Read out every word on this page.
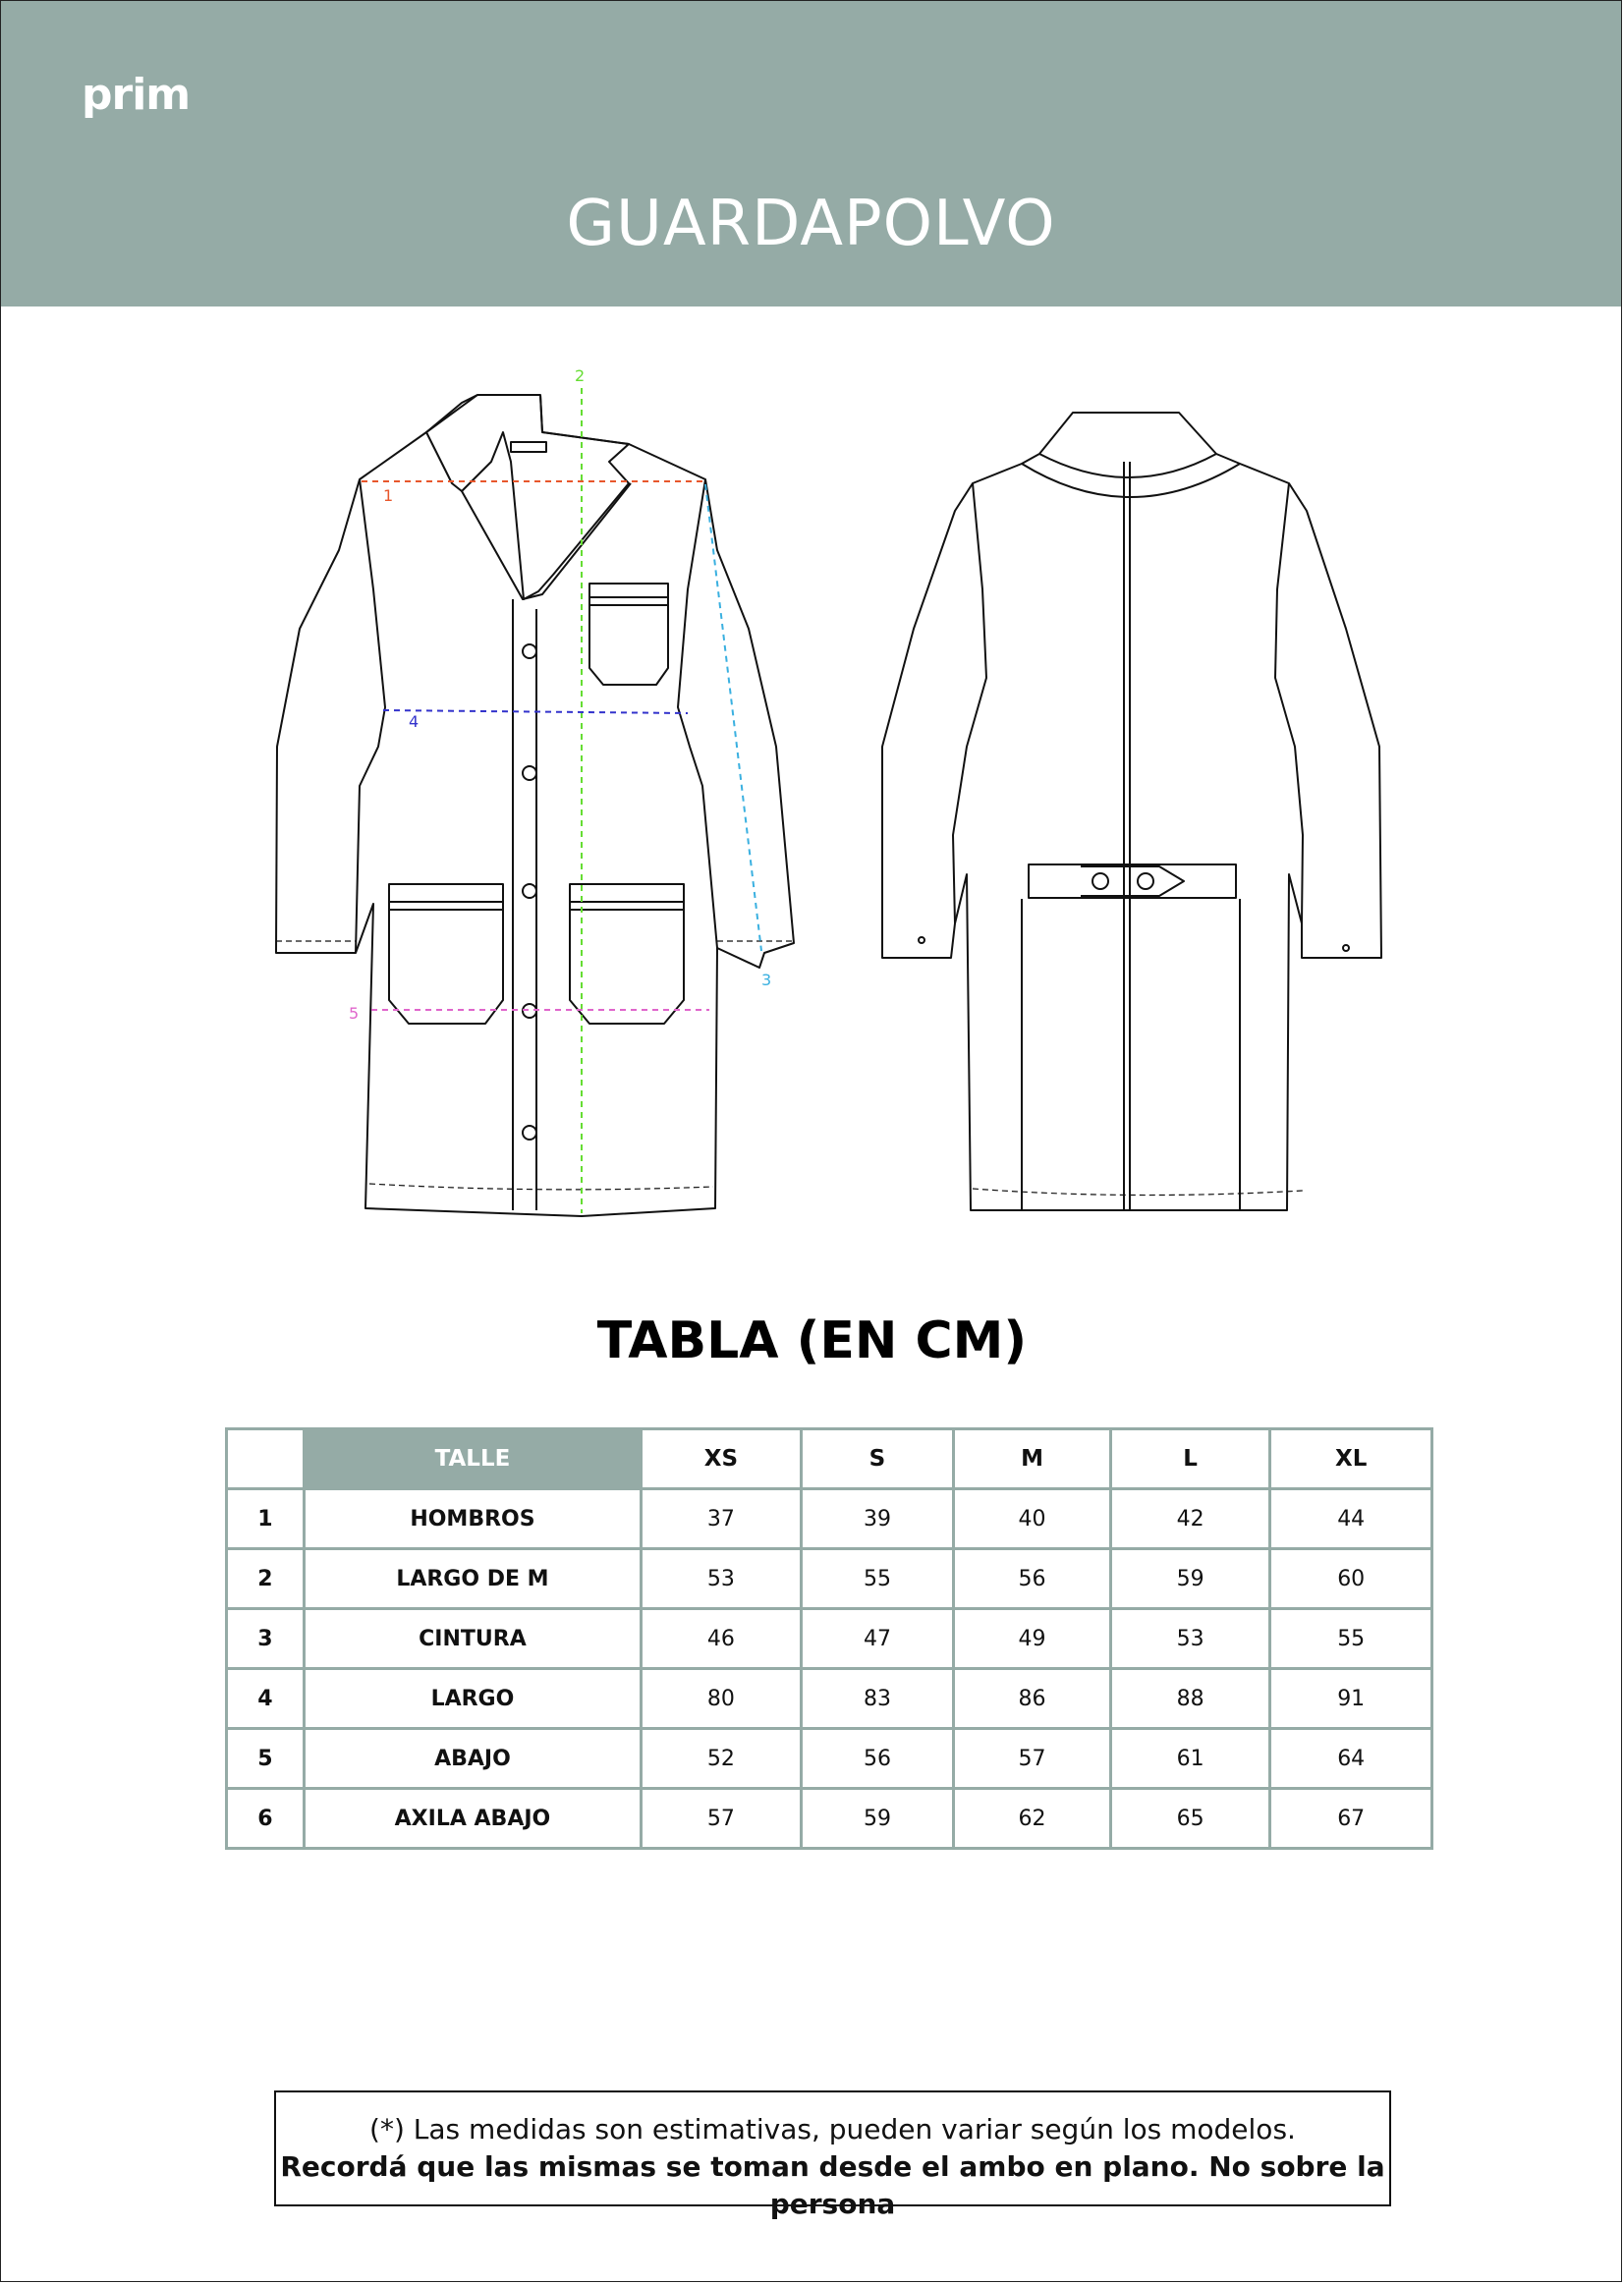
prim
GUARDAPOLVO
1
2
3
4
5
TABLA (EN CM)
	TALLE	XS	S	M	L	XL
1	HOMBROS	37	39	40	42	44
2	LARGO DE M	53	55	56	59	60
3	CINTURA	46	47	49	53	55
4	LARGO	80	83	86	88	91
5	ABAJO	52	56	57	61	64
6	AXILA ABAJO	57	59	62	65	67
(*) Las medidas son estimativas, pueden variar según los modelos.
Recordá que las mismas se toman desde el ambo en plano. No sobre la persona
